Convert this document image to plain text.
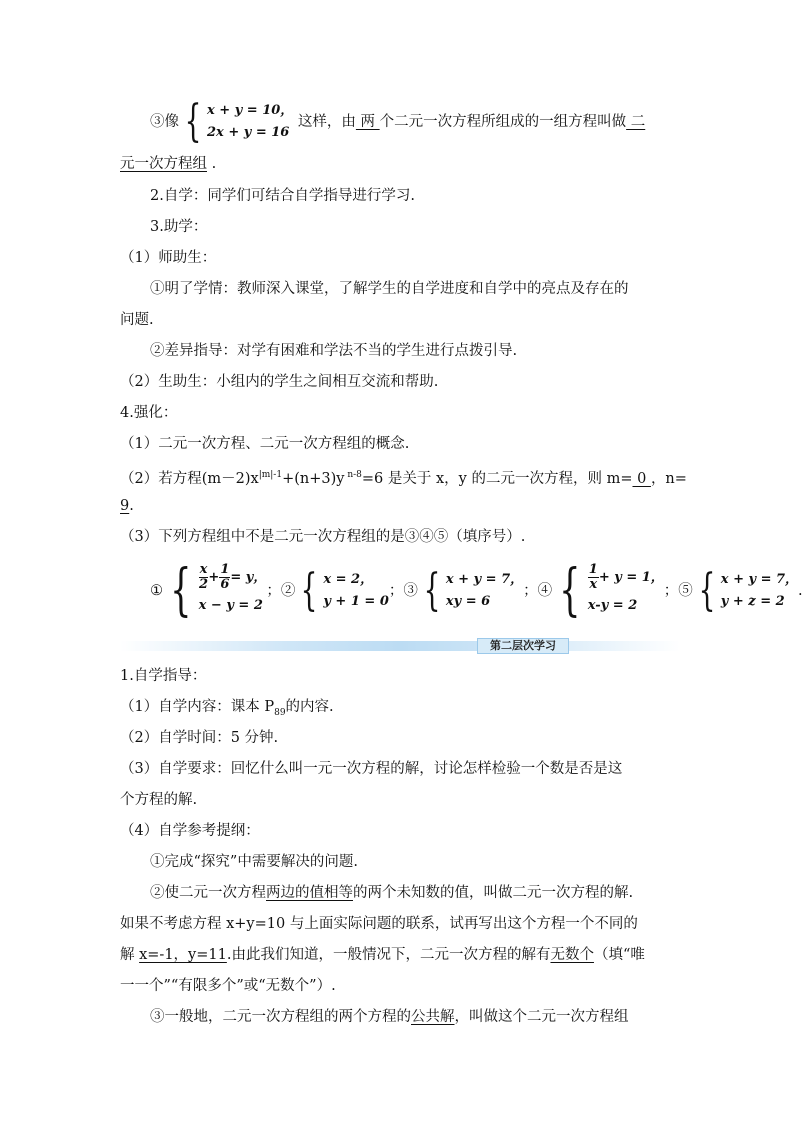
③像 { x + y = 10，
2x + y = 16
这样，由 两 个二元一次方程所组成的一组方程叫做 二
元一次方程组 .
2.自学：同学们可结合自学指导进行学习.
3.助学：
（1）师助生：
①明了学情：教师深入课堂，了解学生的自学进度和自学中的亮点及存在的
问题.
②差异指导：对学有困难和学法不当的学生进行点拨引导.
（2）生助生：小组内的学生之间相互交流和帮助.
4.强化：
（1）二元一次方程、二元一次方程组的概念.
（2）若方程$(m-2)x^{|m|-1}+(n+3)y$ $^{n-8}$=6 是关于 x，y 的二元一次方程，则 m= 0 ，n=
9.
（3）下列方程组中不是二元一次方程组的是③④⑤（填序号）.
① { $\frac{x}{2} + \frac{1}{6} = y$，
x − y = 2
；② { x = 2，
y + 1 = 0
；③ { x + y = 7，
xy = 6
；④ { $\frac{1}{x} + y = 1$，
x-y = 2
；⑤ { x + y = 7，
y + z = 2
.
第二层次学习
1.自学指导：
（1）自学内容：课本 $P_{89}$的内容.
（2）自学时间：5 分钟.
（3）自学要求：回忆什么叫一元一次方程的解，讨论怎样检验一个数是否是这
个方程的解.
（4）自学参考提纲：
①完成“探究”中需要解决的问题.
②使二元一次方程两边的值相等的两个未知数的值，叫做二元一次方程的解.
如果不考虑方程 x+y=10 与上面实际问题的联系，试再写出这个方程一个不同的
解 x=-1，y=11.由此我们知道，一般情况下，二元一次方程的解有无数个（填“唯
一一个”“有限多个”或“无数个”）.
③一般地，二元一次方程组的两个方程的公共解，叫做这个二元一次方程组
